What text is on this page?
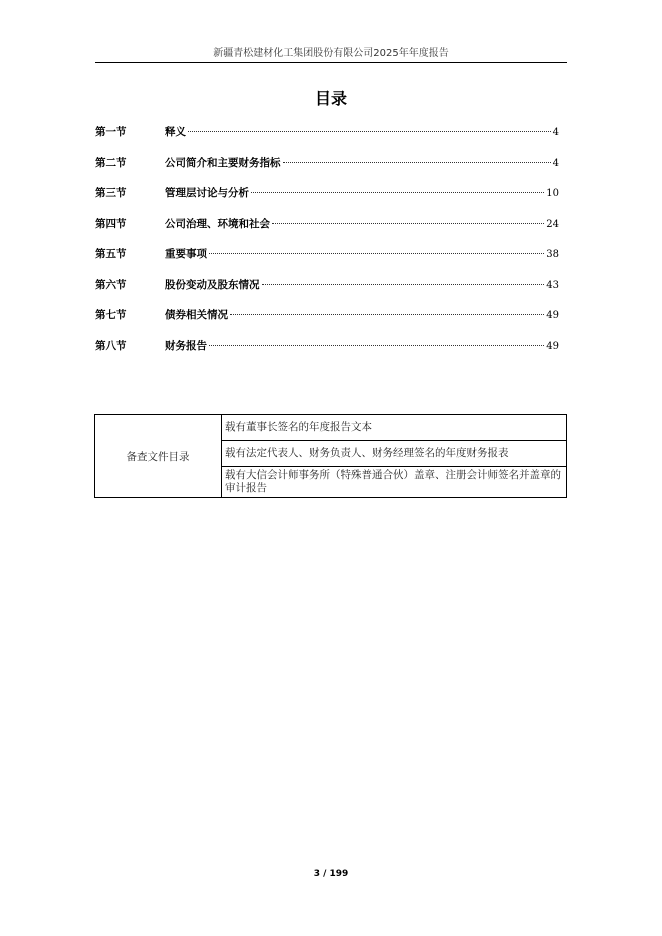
新疆青松建材化工集团股份有限公司2025年年度报告
目录
第一节	释义	4
第二节	公司简介和主要财务指标	4
第三节	管理层讨论与分析	10
第四节	公司治理、环境和社会	24
第五节	重要事项	38
第六节	股份变动及股东情况	43
第七节	债券相关情况	49
第八节	财务报告	49
备查文件目录	载有董事长签名的年度报告文本
载有法定代表人、财务负责人、财务经理签名的年度财务报表
载有大信会计师事务所（特殊普通合伙）盖章、注册会计师签名并盖章的审计报告
3 / 199
